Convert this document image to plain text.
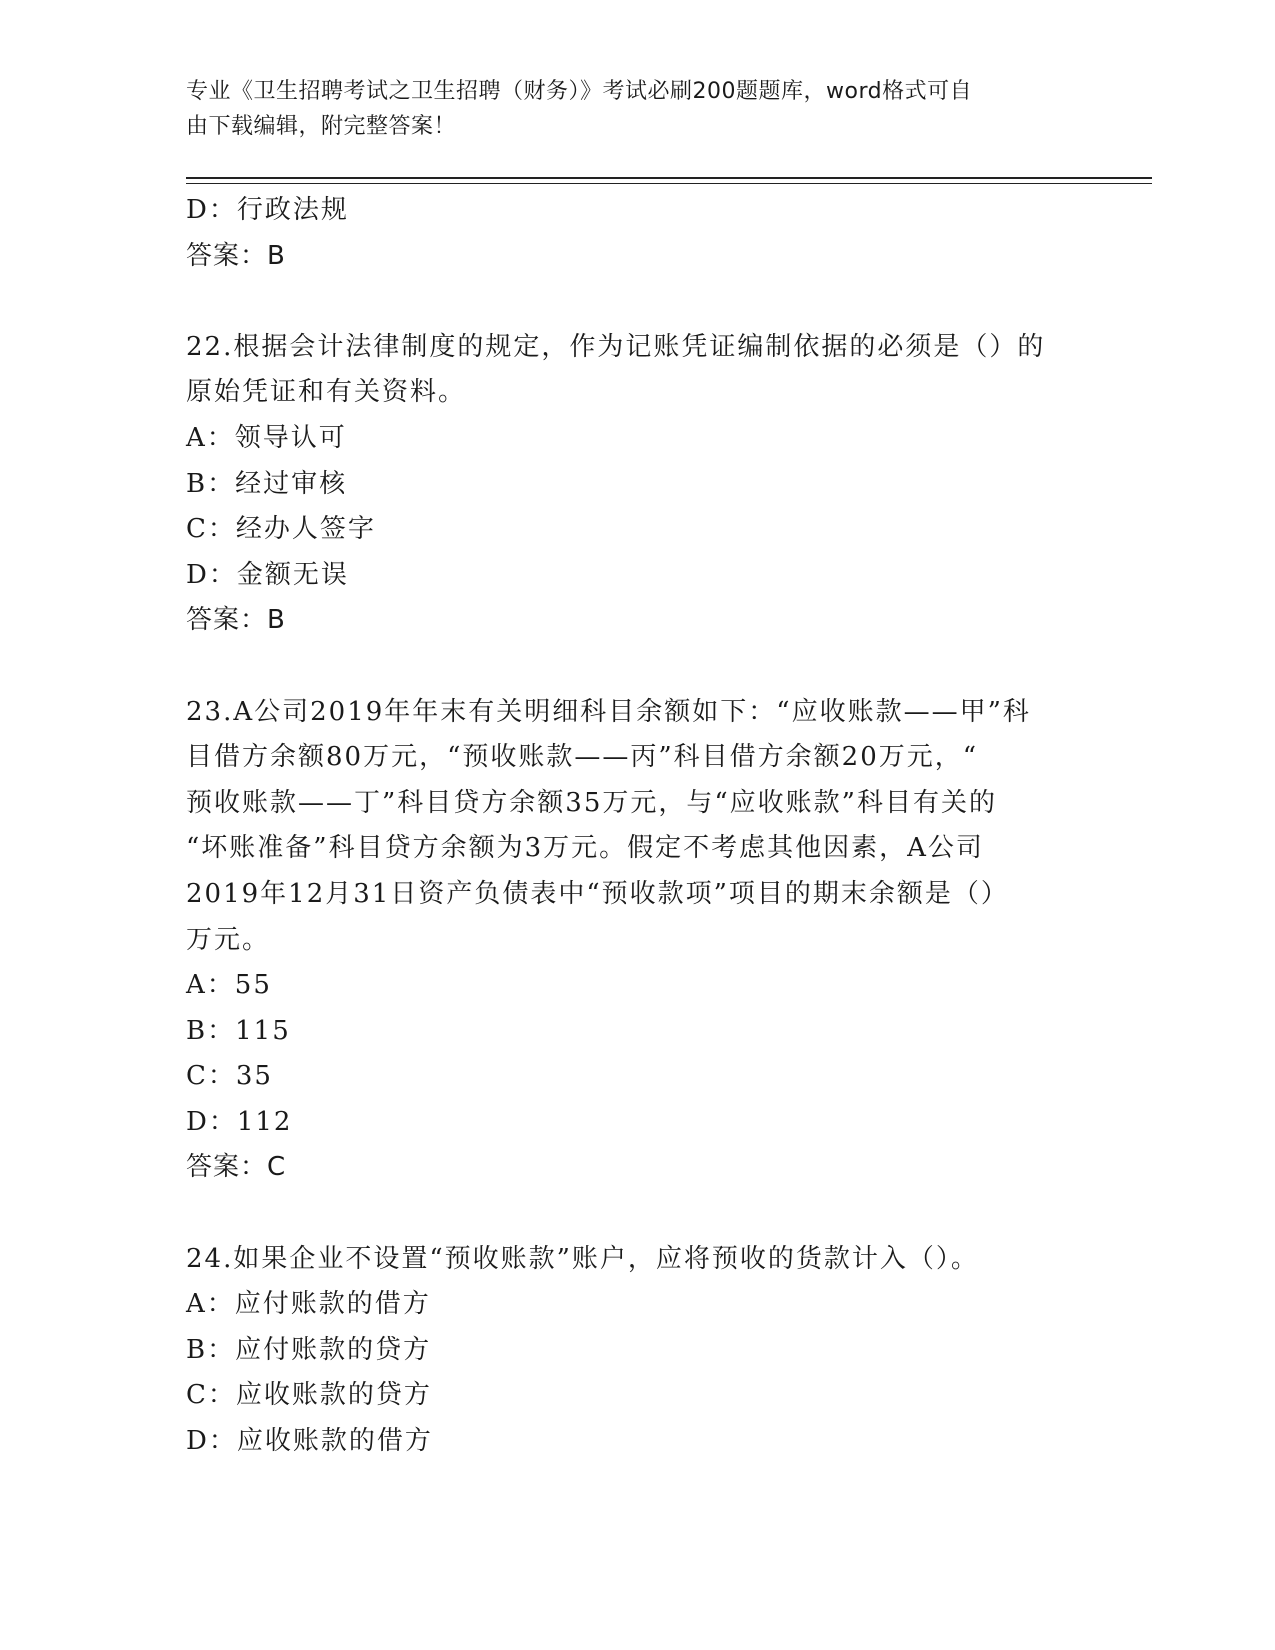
专业《卫生招聘考试之卫生招聘（财务）》考试必刷200题题库，word格式可自
由下载编辑，附完整答案！

D：行政法规
答案：B
22.根据会计法律制度的规定，作为记账凭证编制依据的必须是（）的
原始凭证和有关资料。
A：领导认可
B：经过审核
C：经办人签字
D：金额无误
答案：B
23.A公司2019年年末有关明细科目余额如下：“应收账款——甲”科
目借方余额80万元，“预收账款——丙”科目借方余额20万元，“
预收账款——丁”科目贷方余额35万元，与“应收账款”科目有关的
“坏账准备”科目贷方余额为3万元。假定不考虑其他因素，A公司
2019年12月31日资产负债表中“预收款项”项目的期末余额是（）
万元。
A：55
B：115
C：35
D：112
答案：C
24.如果企业不设置“预收账款”账户，应将预收的货款计入（）。
A：应付账款的借方
B：应付账款的贷方
C：应收账款的贷方
D：应收账款的借方
